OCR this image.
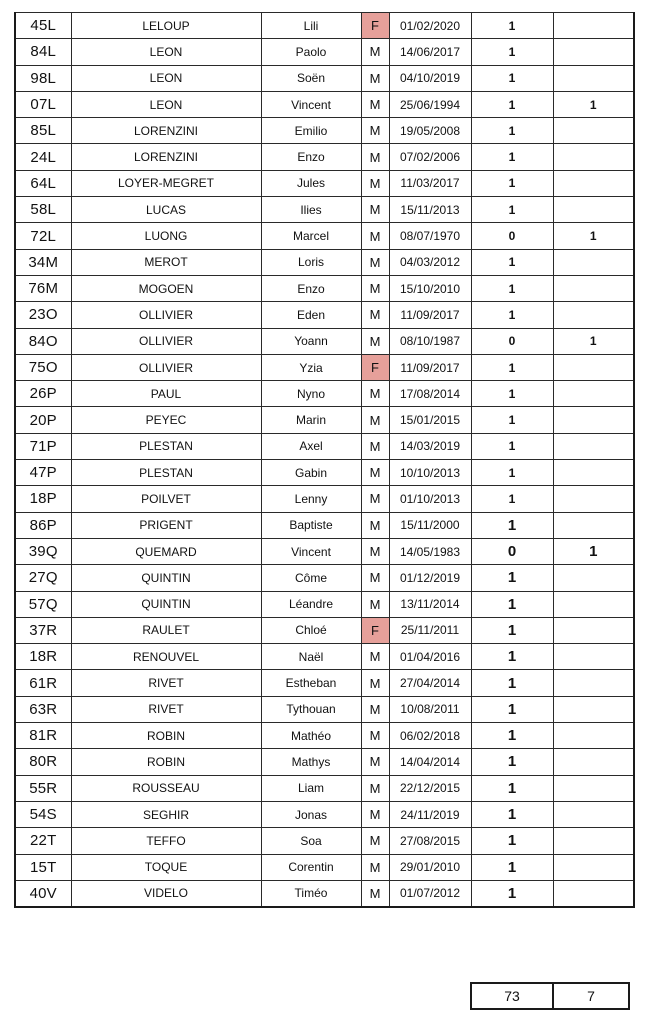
45L	LELOUP	Lili	F	01/02/2020	1	
84L	LEON	Paolo	M	14/06/2017	1	
98L	LEON	Soën	M	04/10/2019	1	
07L	LEON	Vincent	M	25/06/1994	1	1
85L	LORENZINI	Emilio	M	19/05/2008	1	
24L	LORENZINI	Enzo	M	07/02/2006	1	
64L	LOYER-MEGRET	Jules	M	11/03/2017	1	
58L	LUCAS	Ilies	M	15/11/2013	1	
72L	LUONG	Marcel	M	08/07/1970	0	1
34M	MEROT	Loris	M	04/03/2012	1	
76M	MOGOEN	Enzo	M	15/10/2010	1	
23O	OLLIVIER	Eden	M	11/09/2017	1	
84O	OLLIVIER	Yoann	M	08/10/1987	0	1
75O	OLLIVIER	Yzia	F	11/09/2017	1	
26P	PAUL	Nyno	M	17/08/2014	1	
20P	PEYEC	Marin	M	15/01/2015	1	
71P	PLESTAN	Axel	M	14/03/2019	1	
47P	PLESTAN	Gabin	M	10/10/2013	1	
18P	POILVET	Lenny	M	01/10/2013	1	
86P	PRIGENT	Baptiste	M	15/11/2000	1	
39Q	QUEMARD	Vincent	M	14/05/1983	0	1
27Q	QUINTIN	Côme	M	01/12/2019	1	
57Q	QUINTIN	Léandre	M	13/11/2014	1	
37R	RAULET	Chloé	F	25/11/2011	1	
18R	RENOUVEL	Naël	M	01/04/2016	1	
61R	RIVET	Estheban	M	27/04/2014	1	
63R	RIVET	Tythouan	M	10/08/2011	1	
81R	ROBIN	Mathéo	M	06/02/2018	1	
80R	ROBIN	Mathys	M	14/04/2014	1	
55R	ROUSSEAU	Liam	M	22/12/2015	1	
54S	SEGHIR	Jonas	M	24/11/2019	1	
22T	TEFFO	Soa	M	27/08/2015	1	
15T	TOQUE	Corentin	M	29/01/2010	1	
40V	VIDELO	Timéo	M	01/07/2012	1	
73	7
